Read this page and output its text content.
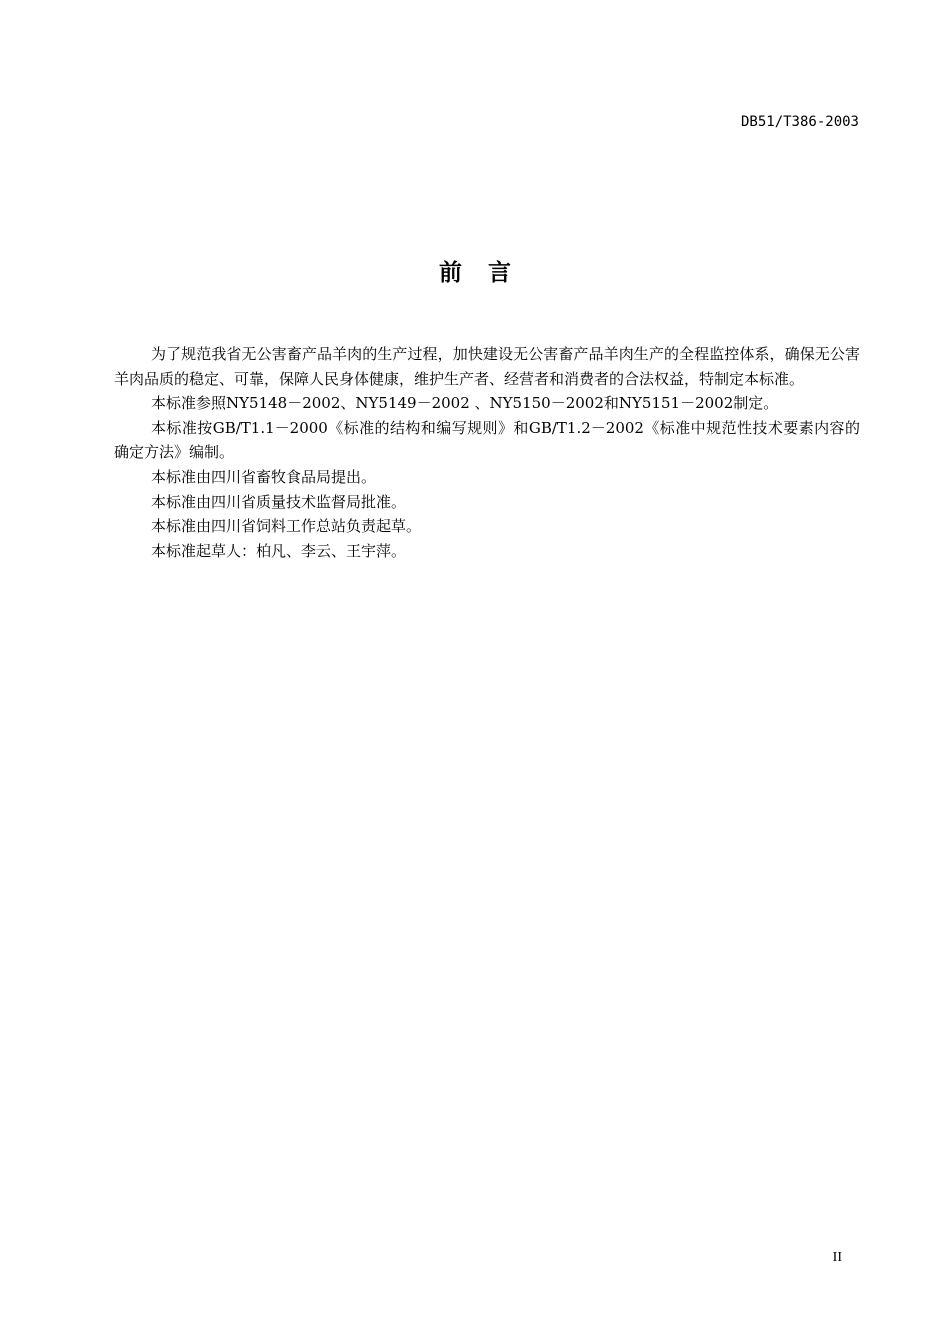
DB51/T386-2003
前 言

为了规范我省无公害畜产品羊肉的生产过程，加快建设无公害畜产品羊肉生产的全程监控体系，确保无公害羊肉品质的稳定、可靠，保障人民身体健康，维护生产者、经营者和消费者的合法权益，特制定本标准。

本标准参照NY5148－2002、NY5149－2002 、NY5150－2002和NY5151－2002制定。

本标准按GB/T1.1－2000《标准的结构和编写规则》和GB/T1.2－2002《标准中规范性技术要素内容的确定方法》编制。

本标准由四川省畜牧食品局提出。

本标准由四川省质量技术监督局批准。

本标准由四川省饲料工作总站负责起草。

本标准起草人：柏凡、李云、王宇萍。

II
